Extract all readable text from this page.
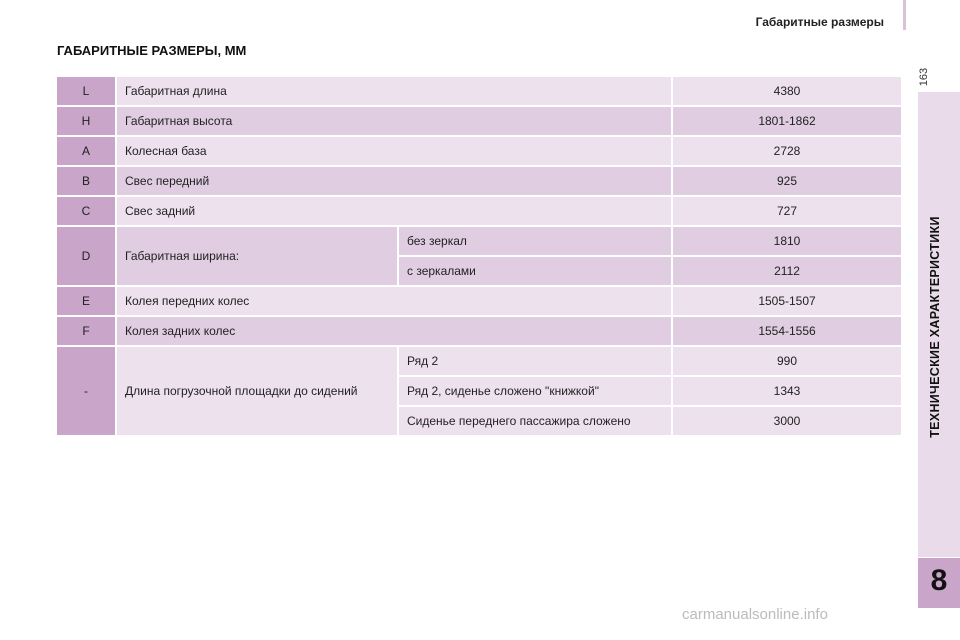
Габаритные размеры
163
ТЕХНИЧЕСКИЕ ХАРАКТЕРИСТИКИ
8
ГАБАРИТНЫЕ РАЗМЕРЫ, ММ
L	Габаритная длина		4380
H	Габаритная высота		1801-1862
A	Колесная база		2728
B	Свес передний		925
C	Свес задний		727
D	Габаритная ширина:	без зеркал	1810
		с зеркалами	2112
E	Колея передних колес		1505-1507
F	Колея задних колес		1554-1556
-	Длина погрузочной площадки до сидений	Ряд 2	990
		Ряд 2, сиденье сложено "книжкой"	1343
		Сиденье переднего пассажира сложено	3000
carmanualsonline.info
